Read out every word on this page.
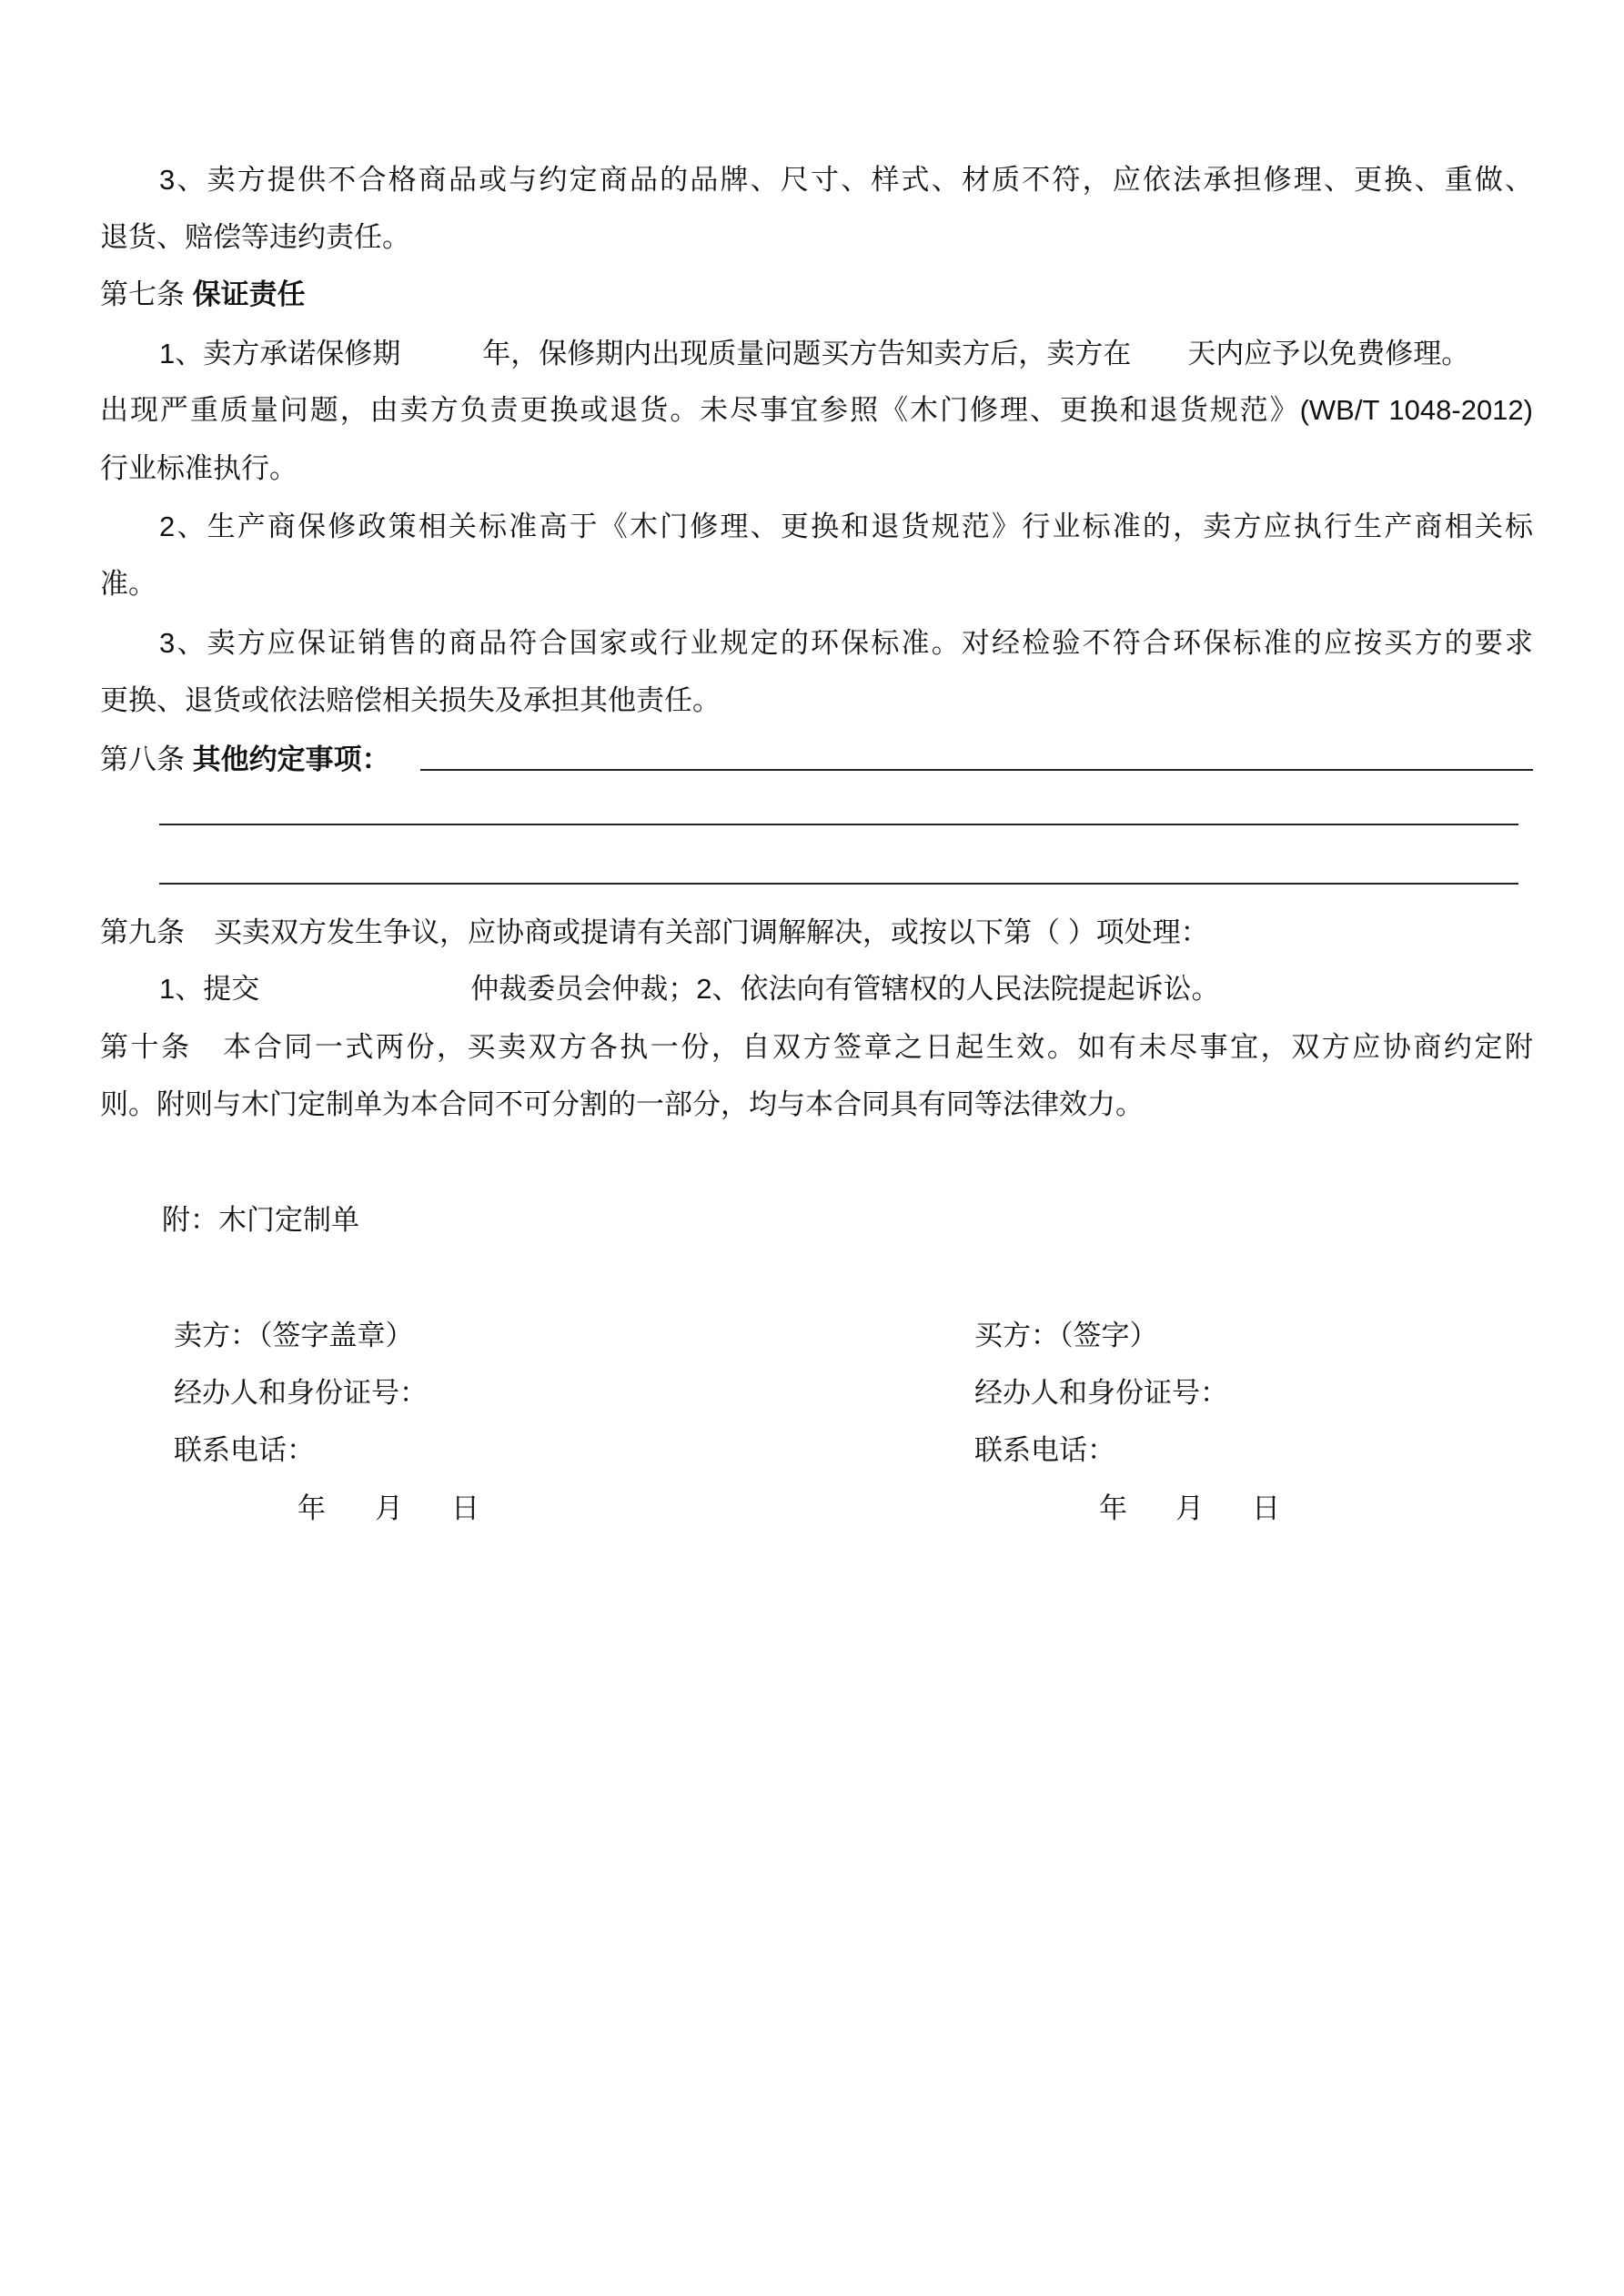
3、卖方提供不合格商品或与约定商品的品牌、尺寸、样式、材质不符，应依法承担修理、更换、重做、
退货、赔偿等违约责任。
第七条 保证责任
1、卖方承诺保修期	年，保修期内出现质量问题买方告知卖方后，卖方在 天内应予以免费修理。
出现严重质量问题，由卖方负责更换或退货。未尽事宜参照《木门修理、更换和退货规范》(WB/T 1048-2012)
行业标准执行。
2、生产商保修政策相关标准高于《木门修理、更换和退货规范》行业标准的，卖方应执行生产商相关标
准。
3、卖方应保证销售的商品符合国家或行业规定的环保标准。对经检验不符合环保标准的应按买方的要求
更换、退货或依法赔偿相关损失及承担其他责任。
第八条 其他约定事项：
第九条 买卖双方发生争议，应协商或提请有关部门调解解决，或按以下第（ ）项处理：
1、提交	仲裁委员会仲裁；2、依法向有管辖权的人民法院提起诉讼。
第十条 本合同一式两份，买卖双方各执一份，自双方签章之日起生效。如有未尽事宜，双方应协商约定附
则。附则与木门定制单为本合同不可分割的一部分，均与本合同具有同等法律效力。
附：木门定制单
卖方：（签字盖章）
经办人和身份证号：
联系电话：
年 月 日
买方：（签字）
经办人和身份证号：
联系电话：
年 月 日
